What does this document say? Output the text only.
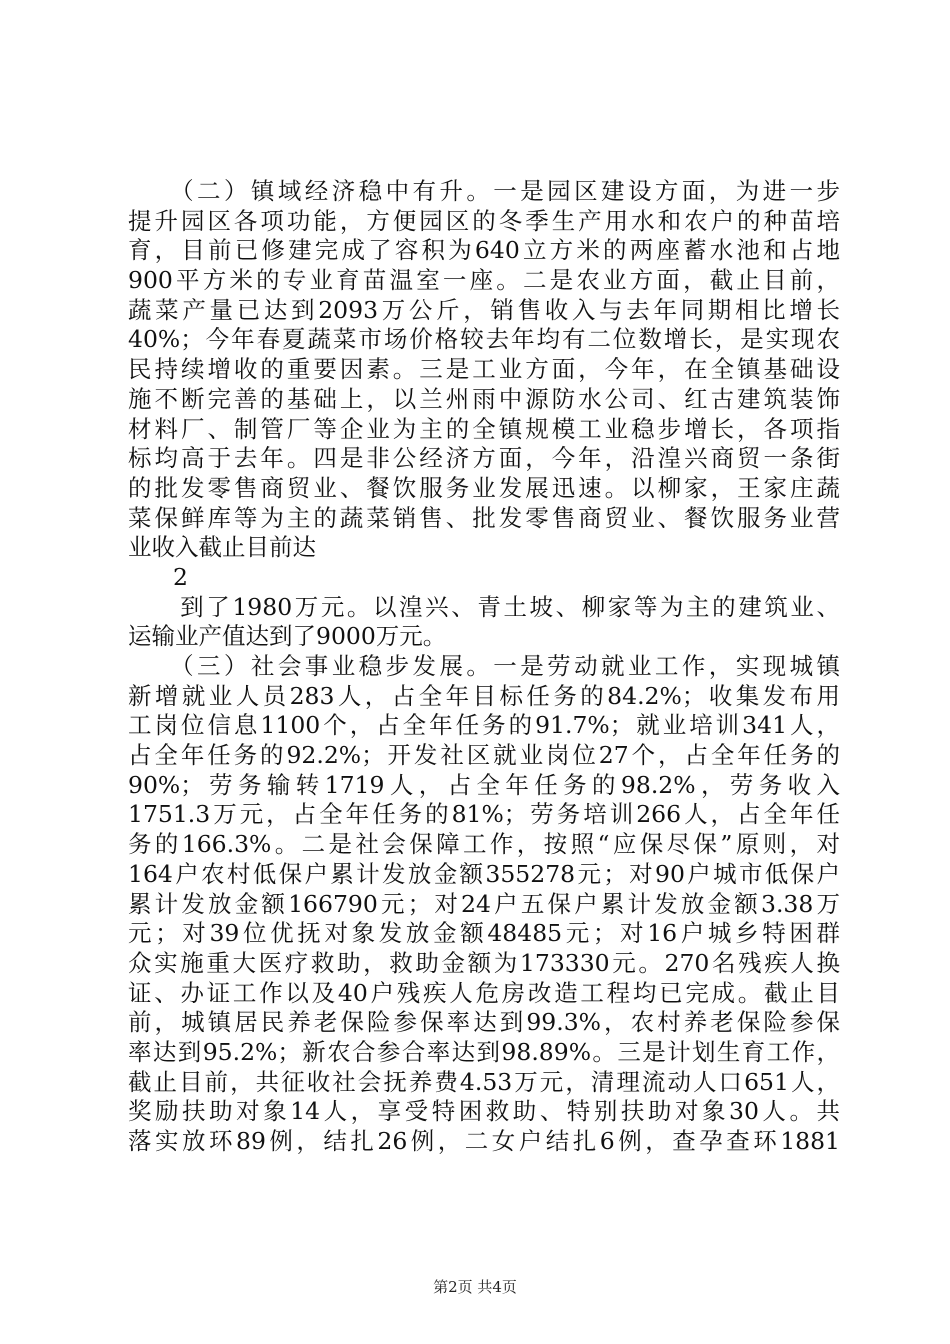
　　（二）镇域经济稳中有升。一是园区建设方面，为进一步
提升园区各项功能，方便园区的冬季生产用水和农户的种苗培
育，目前已修建完成了容积为640立方米的两座蓄水池和占地
900平方米的专业育苗温室一座。二是农业方面，截止目前，
蔬菜产量已达到2093万公斤，销售收入与去年同期相比增长
40%；今年春夏蔬菜市场价格较去年均有二位数增长，是实现农
民持续增收的重要因素。三是工业方面，今年，在全镇基础设
施不断完善的基础上，以兰州雨中源防水公司、红古建筑装饰
材料厂、制管厂等企业为主的全镇规模工业稳步增长，各项指
标均高于去年。四是非公经济方面，今年，沿湟兴商贸一条街
的批发零售商贸业、餐饮服务业发展迅速。以柳家，王家庄蔬
菜保鲜库等为主的蔬菜销售、批发零售商贸业、餐饮服务业营
业收入截止目前达
2
　　到了1980万元。以湟兴、青土坡、柳家等为主的建筑业、
运输业产值达到了9000万元。
　　（三）社会事业稳步发展。一是劳动就业工作，实现城镇
新增就业人员283人，占全年目标任务的84.2%；收集发布用
工岗位信息1100个，占全年任务的91.7%；就业培训341人，
占全年任务的92.2%；开发社区就业岗位27个，占全年任务的
90%；劳务输转1719人，占全年任务的98.2%，劳务收入
1751.3万元，占全年任务的81%；劳务培训266人，占全年任
务的166.3%。二是社会保障工作，按照“应保尽保”原则，对
164户农村低保户累计发放金额355278元；对90户城市低保户
累计发放金额166790元；对24户五保户累计发放金额3.38万
元；对39位优抚对象发放金额48485元；对16户城乡特困群
众实施重大医疗救助，救助金额为173330元。270名残疾人换
证、办证工作以及40户残疾人危房改造工程均已完成。截止目
前，城镇居民养老保险参保率达到99.3%，农村养老保险参保
率达到95.2%；新农合参合率达到98.89%。三是计划生育工作，
截止目前，共征收社会抚养费4.53万元，清理流动人口651人，
奖励扶助对象14人，享受特困救助、特别扶助对象30人。共
落实放环89例，结扎26例，二女户结扎6例，查孕查环1881
第2页 共4页
